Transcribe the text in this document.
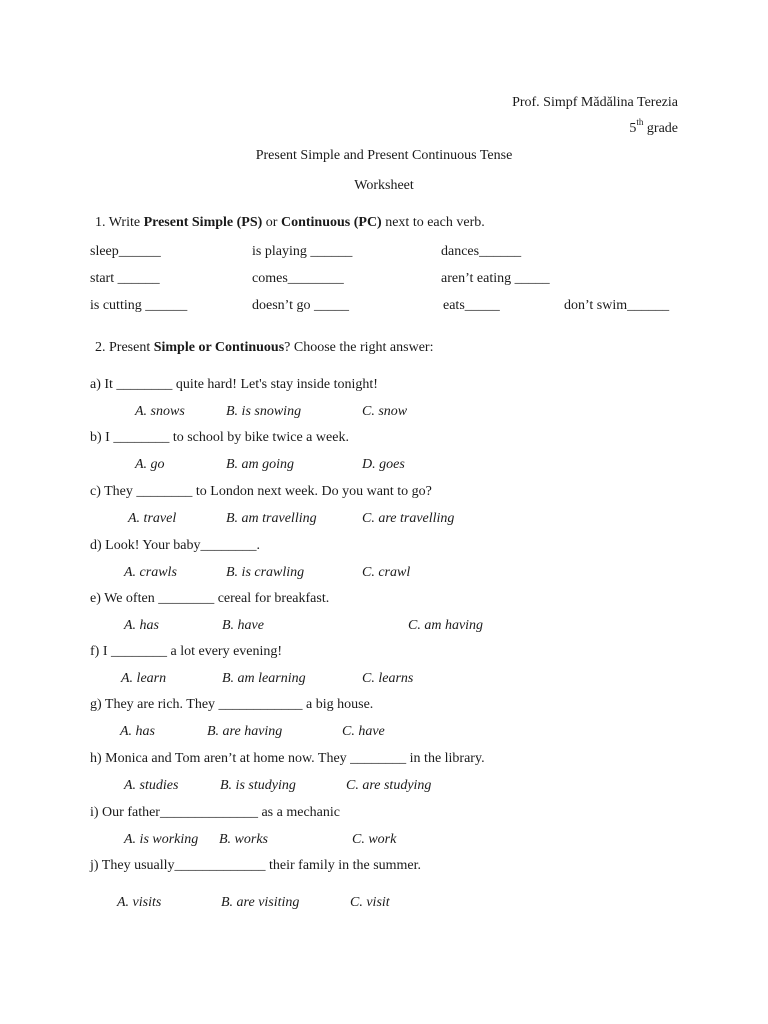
Prof. Simpf Mădălina Terezia
5th grade
Present Simple and Present Continuous Tense
Worksheet
1. Write Present Simple (PS) or Continuous (PC) next to each verb.
sleep______	is playing ______	dances______
start ______	comes________	aren’t eating _____
is cutting ______	doesn’t go _____	eats_____	don’t swim______
2. Present Simple or Continuous? Choose the right answer:
a) It ________ quite hard! Let's stay inside tonight!
A. snows	B. is snowing	C. snow
b) I ________ to school by bike twice a week.
A. go	B. am going	D. goes
c) They ________ to London next week. Do you want to go?
A. travel	B. am travelling	C. are travelling
d) Look! Your baby________.
A. crawls	B. is crawling	C. crawl
e) We often ________ cereal for breakfast.
A. has	B. have	C. am having
f) I ________ a lot every evening!
A. learn	B. am learning	C. learns
g) They are rich. They ____________ a big house.
A. has	B. are having	C. have
h) Monica and Tom aren’t at home now. They ________ in the library.
A. studies	B. is studying	C. are studying
i) Our father______________ as a mechanic
A. is working B. works	C. work
j) They usually_____________ their family in the summer.
A. visits	B. are visiting	C. visit
